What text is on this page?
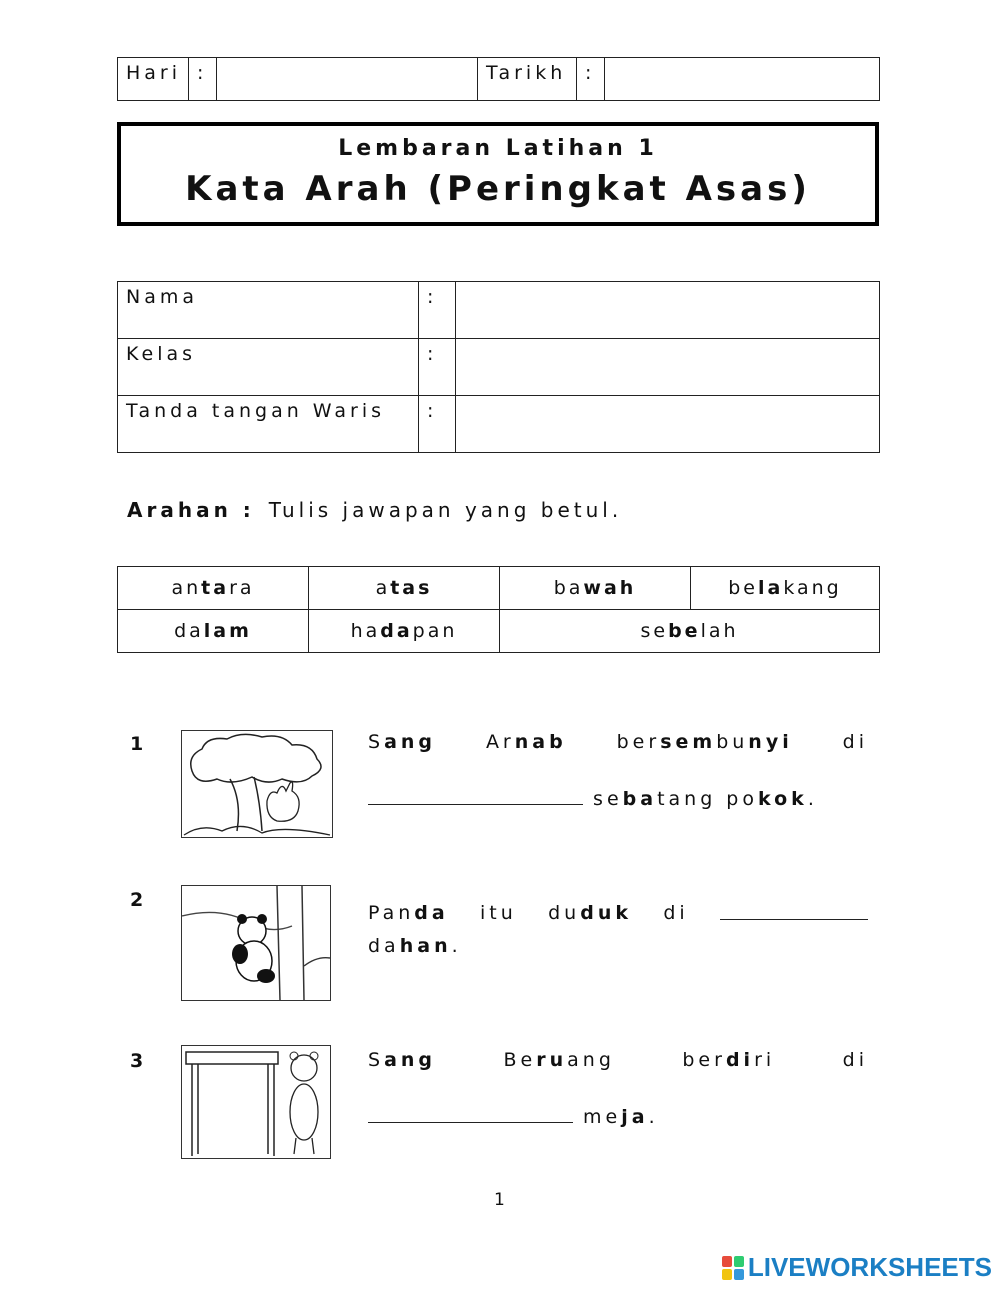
Hari	:		Tarikh	:	
Lembaran Latihan 1
Kata Arah (Peringkat Asas)
Nama	:	
Kelas	:	
Tanda tangan Waris	:	
Arahan : Tulis jawapan yang betul.
antara	atas	bawah	belakang
dalam	hadapan	sebelah	
1	Sang	Arnab	bersembunyi	di
sebatang pokok.
2
Panda itu duduk di
dahan.
3	Sang	Beruang	berdiri	di
meja.
1
LIVEWORKSHEETS
